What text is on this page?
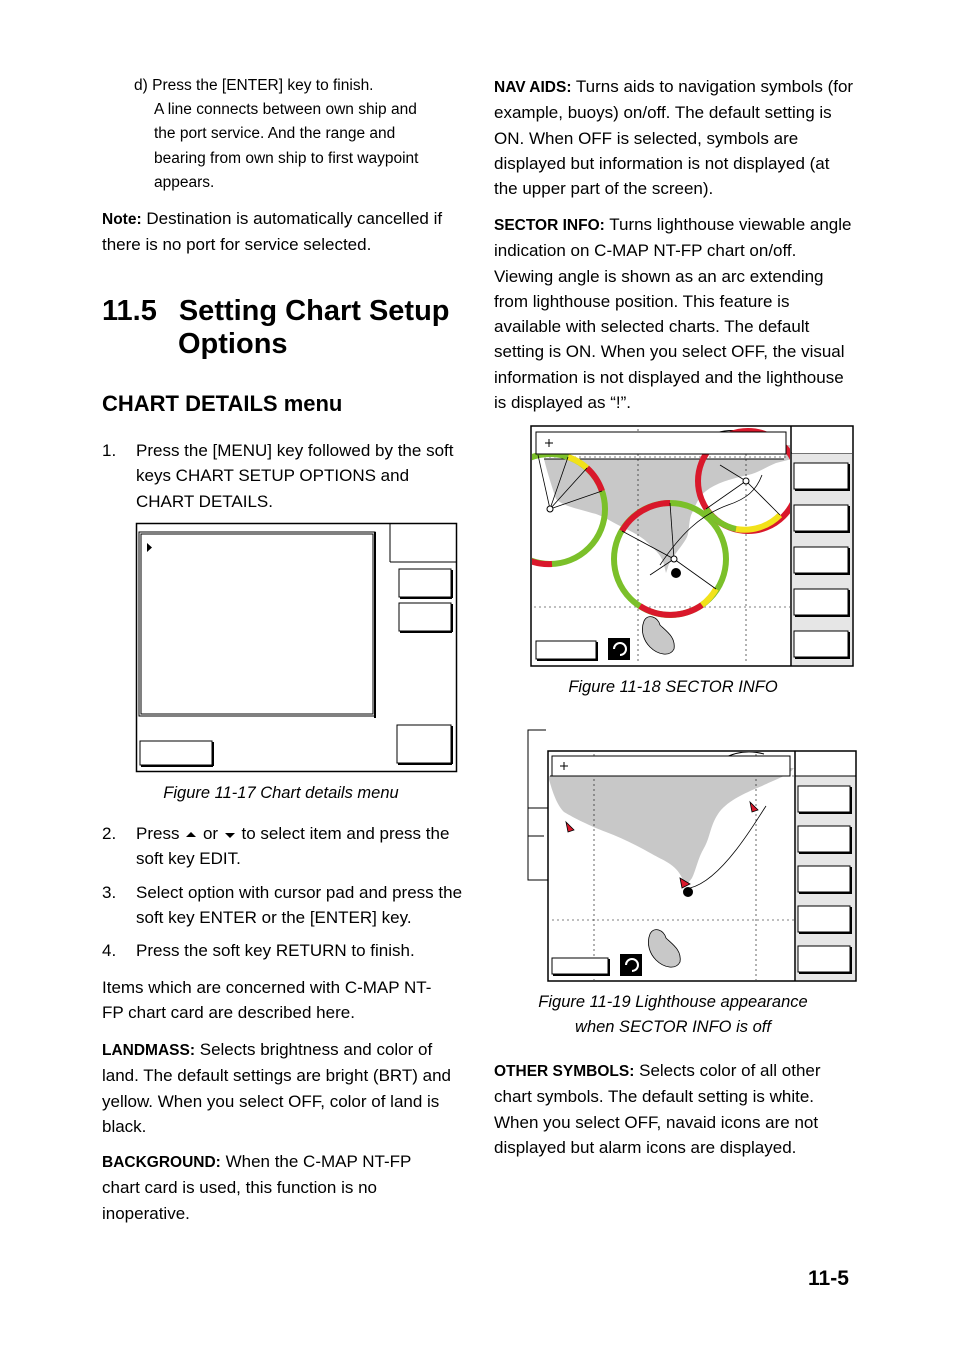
d) Press the [ENTER] key to finish.
A line connects between own ship and
the port service. And the range and
bearing from own ship to first waypoint
appears.
Note: Destination is automatically cancelled if there is no port for service selected.
11.5 Setting Chart Setup
Options
CHART DETAILS menu
1. Press the [MENU] key followed by the soft keys CHART SETUP OPTIONS and CHART DETAILS.
Figure 11-17 Chart details menu
2. Press or to select item and press the soft key EDIT.
3. Select option with cursor pad and press the soft key ENTER or the [ENTER] key.
4. Press the soft key RETURN to finish.
Items which are concerned with C-MAP NT-FP chart card are described here.
LANDMASS: Selects brightness and color of land. The default settings are bright (BRT) and yellow. When you select OFF, color of land is black.
BACKGROUND: When the C-MAP NT-FP chart card is used, this function is no inoperative.
NAV AIDS: Turns aids to navigation symbols (for example, buoys) on/off. The default setting is ON. When OFF is selected, symbols are displayed but information is not displayed (at the upper part of the screen).
SECTOR INFO: Turns lighthouse viewable angle indication on C-MAP NT-FP chart on/off. Viewing angle is shown as an arc extending from lighthouse position. This feature is available with selected charts. The default setting is ON. When you select OFF, the visual information is not displayed and the lighthouse is displayed as “!”.
Figure 11-18 SECTOR INFO
Figure 11-19 Lighthouse appearance
when SECTOR INFO is off
OTHER SYMBOLS: Selects color of all other chart symbols. The default setting is white. When you select OFF, navaid icons are not displayed but alarm icons are displayed.
11-5
